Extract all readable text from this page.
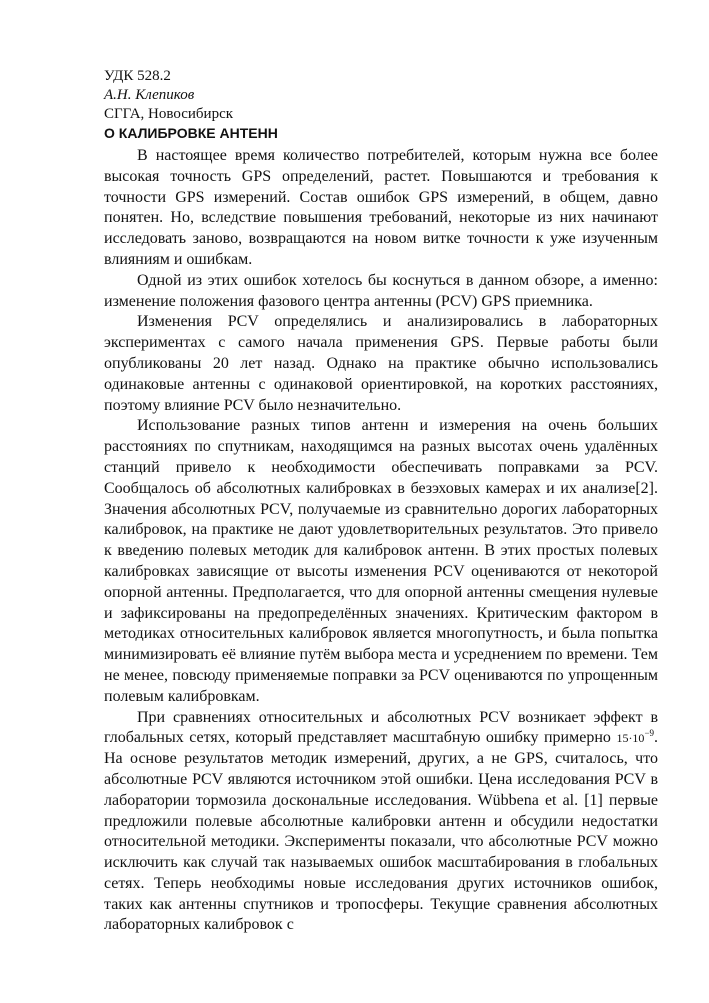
УДК 528.2
А.Н. Клепиков
СГГА, Новосибирск
О КАЛИБРОВКЕ АНТЕНН

В настоящее время количество потребителей, которым нужна все более высокая точность GPS определений, растет. Повышаются и требования к точности GPS измерений. Состав ошибок GPS измерений, в общем, давно понятен. Но, вследствие повышения требований, некоторые из них начинают исследовать заново, возвращаются на новом витке точности к уже изученным влияниям и ошибкам.

Одной из этих ошибок хотелось бы коснуться в данном обзоре, а именно: изменение положения фазового центра антенны (PCV) GPS приемника.

Изменения PCV определялись и анализировались в лабораторных экспериментах с самого начала применения GPS. Первые работы были опубликованы 20 лет назад. Однако на практике обычно использовались одинаковые антенны с одинаковой ориентировкой, на коротких расстояниях, поэтому влияние PCV было незначительно.

Использование разных типов антенн и измерения на очень больших расстояниях по спутникам, находящимся на разных высотах очень удалённых станций привело к необходимости обеспечивать поправками за PCV. Сообщалось об абсолютных калибровках в безэховых камерах и их анализе[2]. Значения абсолютных PCV, получаемые из сравнительно дорогих лабораторных калибровок, на практике не дают удовлетворительных результатов. Это привело к введению полевых методик для калибровок антенн. В этих простых полевых калибровках зависящие от высоты изменения PCV оцениваются от некоторой опорной антенны. Предполагается, что для опорной антенны смещения нулевые и зафиксированы на предопределённых значениях. Критическим фактором в методиках относительных калибровок является многопутность, и была попытка минимизировать её влияние путём выбора места и усреднением по времени. Тем не менее, повсюду применяемые поправки за PCV оцениваются по упрощенным полевым калибровкам.

При сравнениях относительных и абсолютных PCV возникает эффект в глобальных сетях, который представляет масштабную ошибку примерно $15\cdot 10^{-9}$. На основе результатов методик измерений, других, а не GPS, считалось, что абсолютные PCV являются источником этой ошибки. Цена исследования PCV в лаборатории тормозила доскональные исследования. Wübbena et al. [1] первые предложили полевые абсолютные калибровки антенн и обсудили недостатки относительной методики. Эксперименты показали, что абсолютные PCV можно исключить как случай так называемых ошибок масштабирования в глобальных сетях. Теперь необходимы новые исследования других источников ошибок, таких как антенны спутников и тропосферы. Текущие сравнения абсолютных лабораторных калибровок с
